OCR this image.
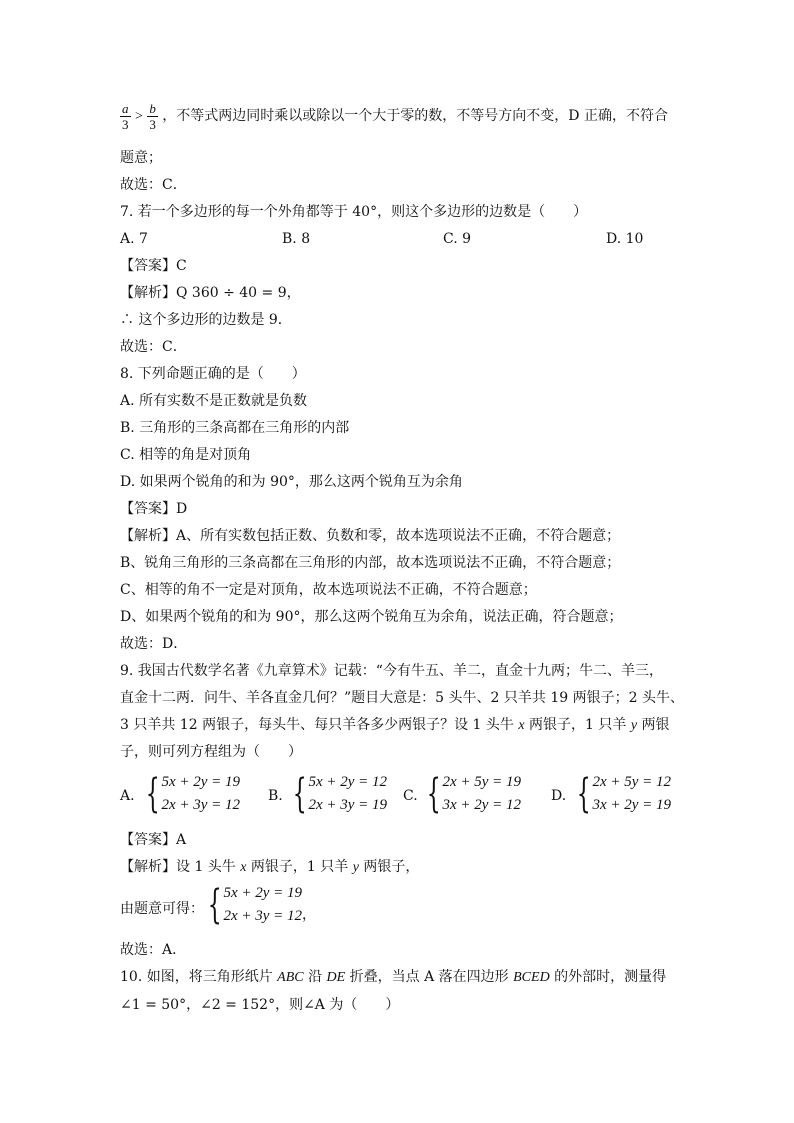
$\frac{a}{3} > \frac{b}{3}$ ，不等式两边同时乘以或除以一个大于零的数，不等号方向不变，D 正确，不符合
题意；
故选：C．
7. 若一个多边形的每一个外角都等于 40°，则这个多边形的边数是（　　）
A. 7	B. 8	C. 9	D. 10
【答案】C
【解析】Q 360 ÷ 40 = 9，
∴ 这个多边形的边数是 9．
故选：C．
8. 下列命题正确的是（　　）
A. 所有实数不是正数就是负数
B. 三角形的三条高都在三角形的内部
C. 相等的角是对顶角
D. 如果两个锐角的和为 90°，那么这两个锐角互为余角
【答案】D
【解析】A、所有实数包括正数、负数和零，故本选项说法不正确，不符合题意；
B、锐角三角形的三条高都在三角形的内部，故本选项说法不正确，不符合题意；
C、相等的角不一定是对顶角，故本选项说法不正确，不符合题意；
D、如果两个锐角的和为 90°，那么这两个锐角互为余角，说法正确，符合题意；
故选：D．
9. 我国古代数学名著《九章算术》记载：“今有牛五、羊二，直金十九两；牛二、羊三，
直金十二两．问牛、羊各直金几何？”题目大意是：5 头牛、2 只羊共 19 两银子；2 头牛、
3 只羊共 12 两银子，每头牛、每只羊各多少两银子？设 1 头牛 x 两银子，1 只羊 y 两银
子，则可列方程组为（　　）
A. { 5x + 2y = 19
2x + 3y = 12
B. { 5x + 2y = 12
2x + 3y = 19
C. { 2x + 5y = 19
3x + 2y = 12
D. { 2x + 5y = 12
3x + 2y = 19
【答案】A
【解析】设 1 头牛 x 两银子，1 只羊 y 两银子，
由题意可得： { 5x + 2y = 19
2x + 3y = 12 ，
故选：A．
10. 如图，将三角形纸片 ABC 沿 DE 折叠，当点 A 落在四边形 BCED 的外部时，测量得
∠1 = 50°，∠2 = 152°，则∠A 为（　　）
